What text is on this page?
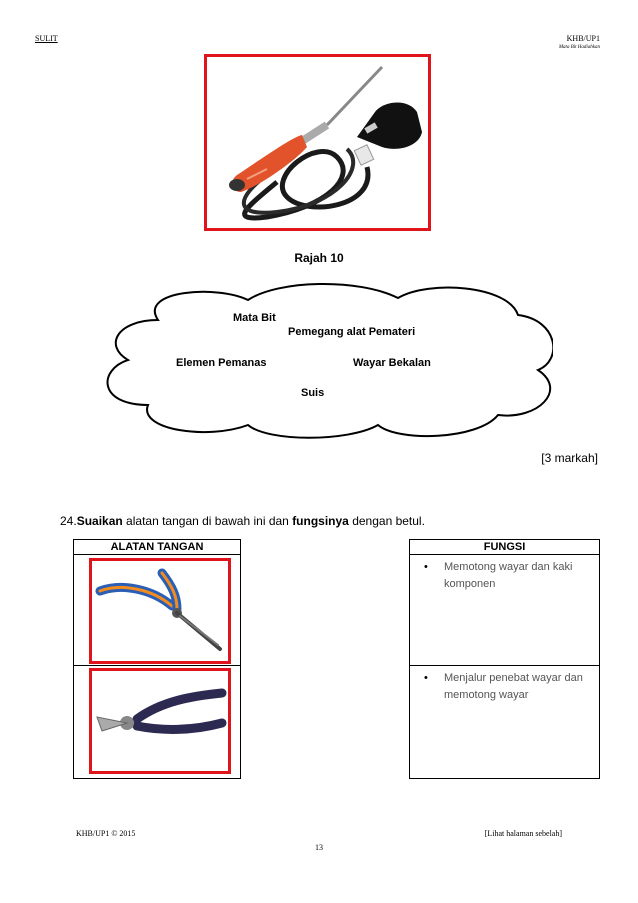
SULIT	KHB/UP1
Mata Bit Hadiahkan
Rajah 10
Mata Bit
Pemegang alat Pemateri
Elemen Pemanas	Wayar Bekalan
Suis
[3 markah]
24.Suaikan alatan tangan di bawah ini dan fungsinya dengan betul.
ALATAN TANGAN	FUNGSI
•	Memotong wayar dan kaki komponen
•	Menjalur penebat wayar dan memotong wayar
KHB/UP1 © 2015	[Lihat halaman sebelah]
13
